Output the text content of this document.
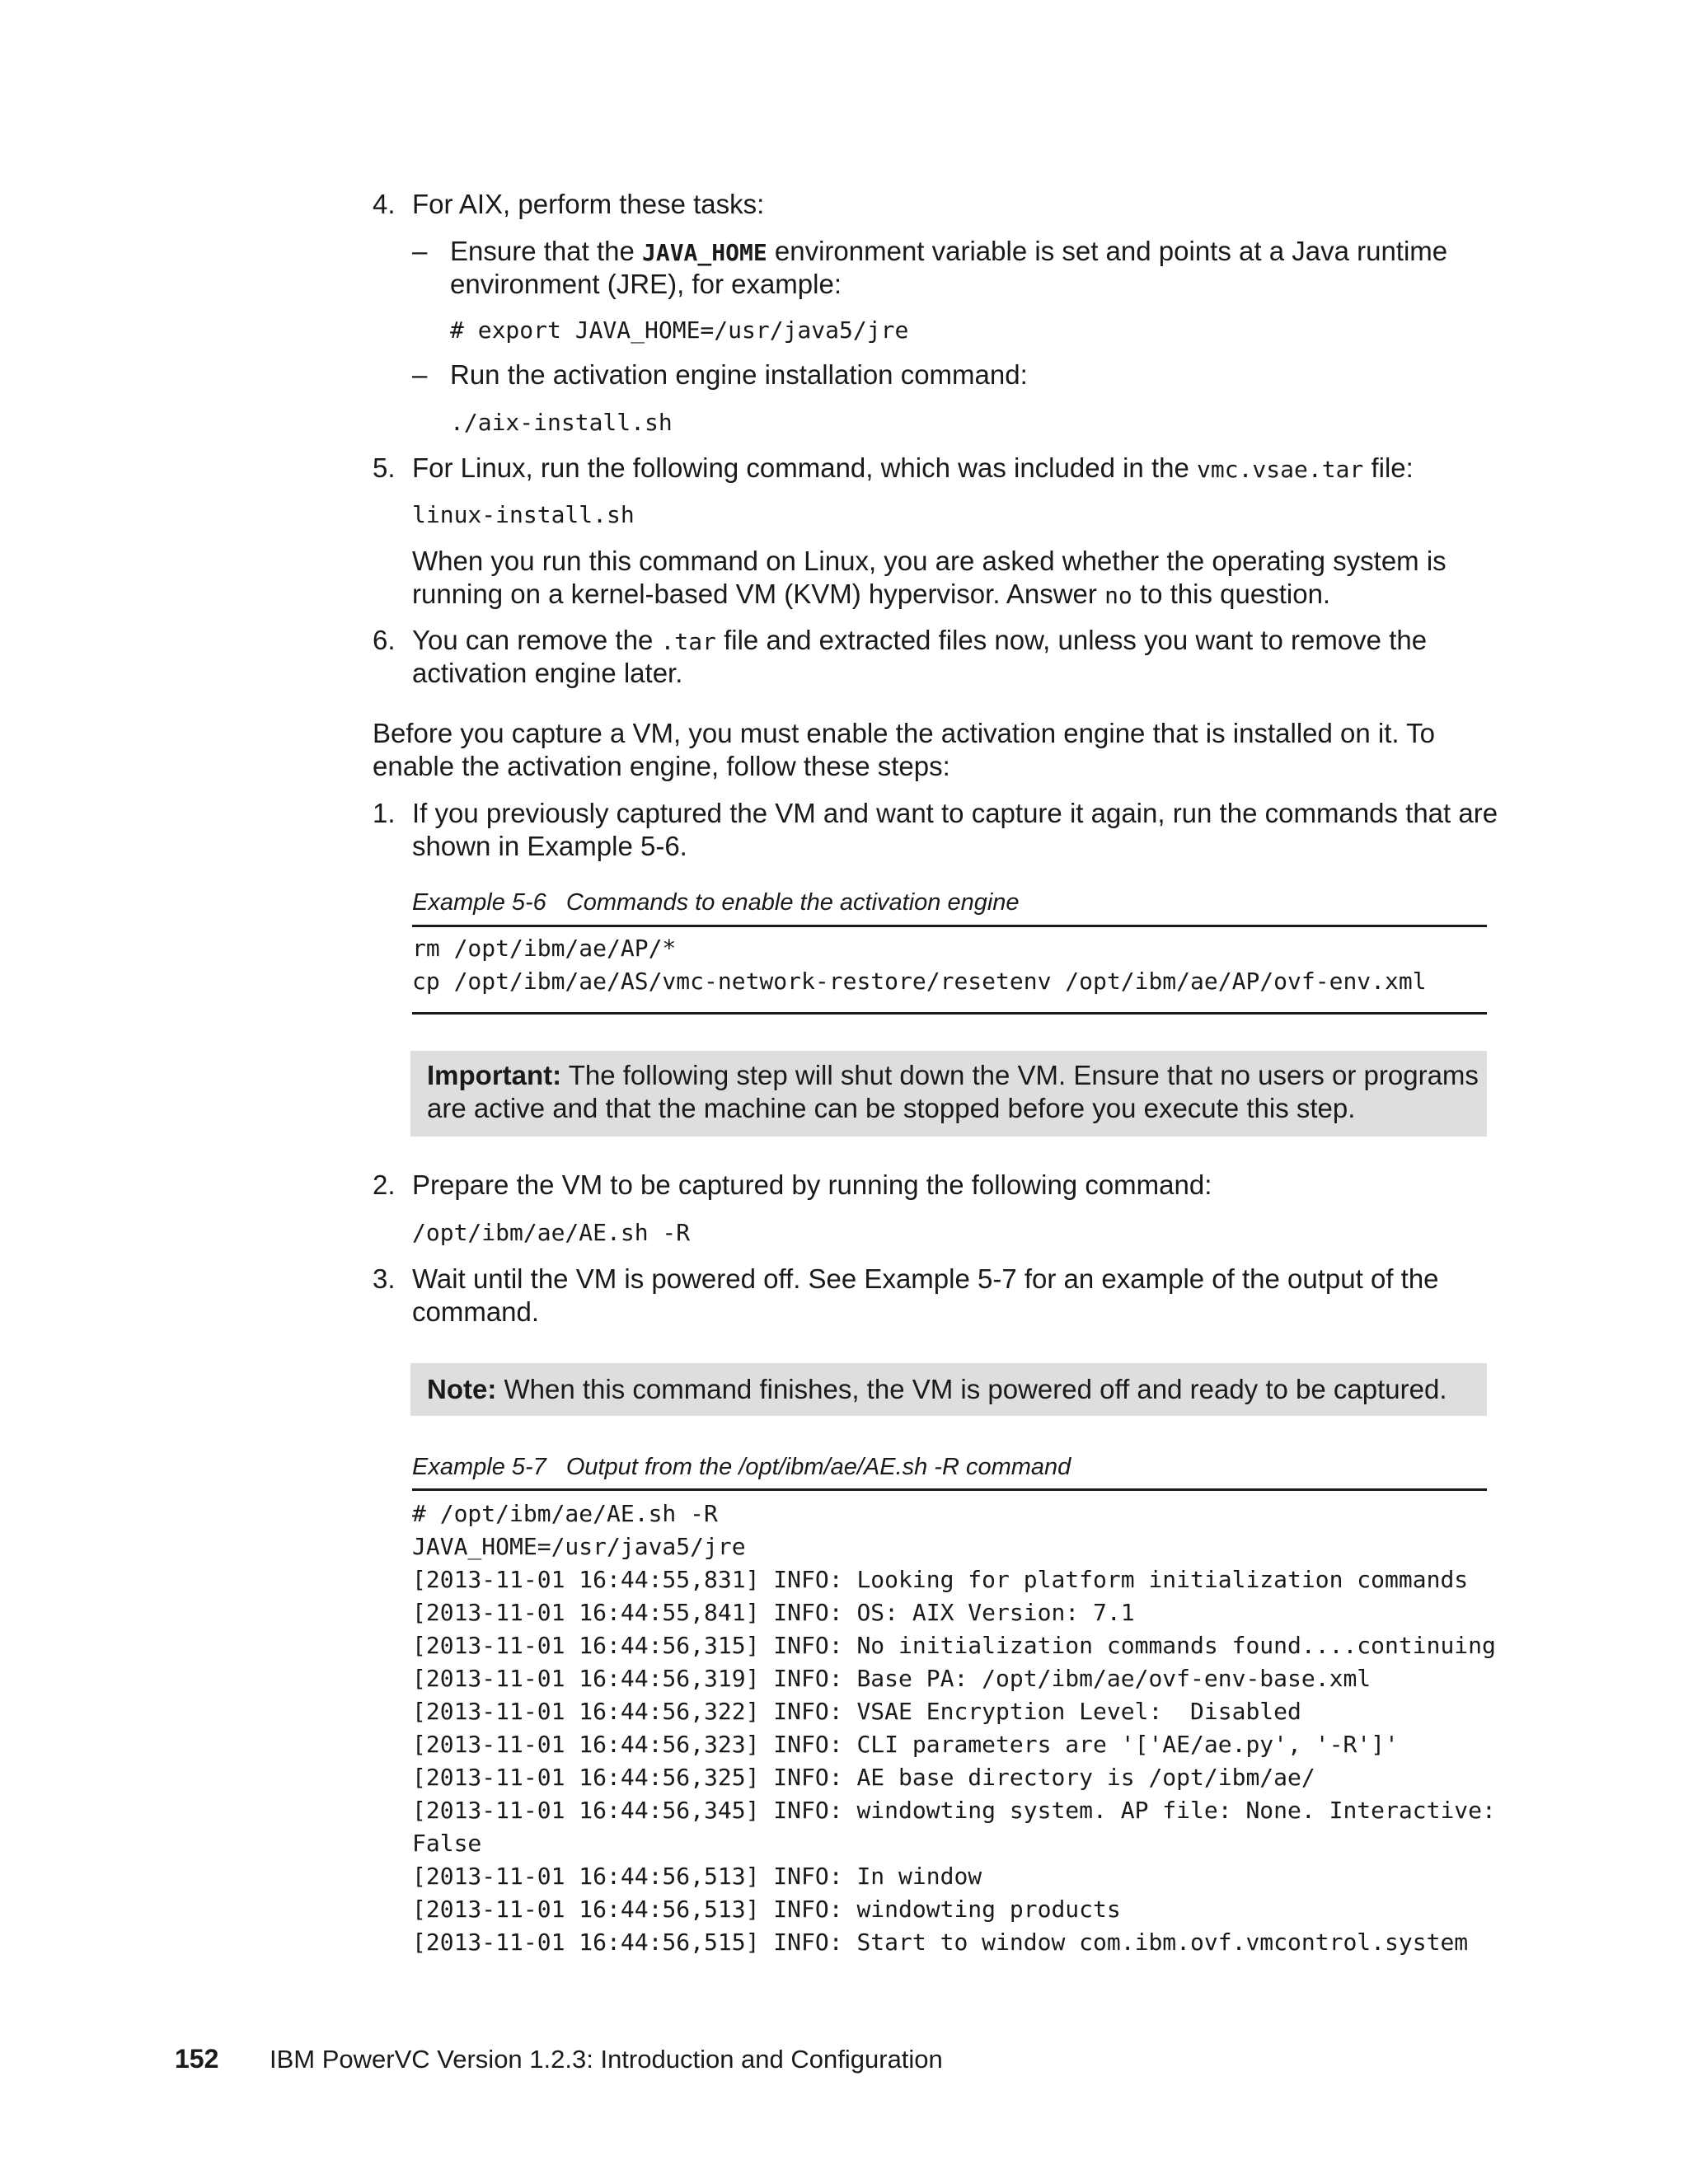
4. For AIX, perform these tasks:
– Ensure that the JAVA_HOME environment variable is set and points at a Java runtime
environment (JRE), for example:
# export JAVA_HOME=/usr/java5/jre
– Run the activation engine installation command:
./aix-install.sh
5. For Linux, run the following command, which was included in the vmc.vsae.tar file:
linux-install.sh
When you run this command on Linux, you are asked whether the operating system is
running on a kernel-based VM (KVM) hypervisor. Answer no to this question.
6. You can remove the .tar file and extracted files now, unless you want to remove the
activation engine later.
Before you capture a VM, you must enable the activation engine that is installed on it. To
enable the activation engine, follow these steps:
1. If you previously captured the VM and want to capture it again, run the commands that are
shown in Example 5-6.
Example 5-6 Commands to enable the activation engine
rm /opt/ibm/ae/AP/*
cp /opt/ibm/ae/AS/vmc-network-restore/resetenv /opt/ibm/ae/AP/ovf-env.xml
Important: The following step will shut down the VM. Ensure that no users or programs
are active and that the machine can be stopped before you execute this step.
2. Prepare the VM to be captured by running the following command:
/opt/ibm/ae/AE.sh -R
3. Wait until the VM is powered off. See Example 5-7 for an example of the output of the
command.
Note: When this command finishes, the VM is powered off and ready to be captured.
Example 5-7 Output from the /opt/ibm/ae/AE.sh -R command
# /opt/ibm/ae/AE.sh -R
JAVA_HOME=/usr/java5/jre
[2013-11-01 16:44:55,831] INFO: Looking for platform initialization commands
[2013-11-01 16:44:55,841] INFO: OS: AIX Version: 7.1
[2013-11-01 16:44:56,315] INFO: No initialization commands found....continuing
[2013-11-01 16:44:56,319] INFO: Base PA: /opt/ibm/ae/ovf-env-base.xml
[2013-11-01 16:44:56,322] INFO: VSAE Encryption Level:  Disabled
[2013-11-01 16:44:56,323] INFO: CLI parameters are '['AE/ae.py', '-R']'
[2013-11-01 16:44:56,325] INFO: AE base directory is /opt/ibm/ae/
[2013-11-01 16:44:56,345] INFO: windowting system. AP file: None. Interactive:
False
[2013-11-01 16:44:56,513] INFO: In window
[2013-11-01 16:44:56,513] INFO: windowting products
[2013-11-01 16:44:56,515] INFO: Start to window com.ibm.ovf.vmcontrol.system
152 IBM PowerVC Version 1.2.3: Introduction and Configuration
